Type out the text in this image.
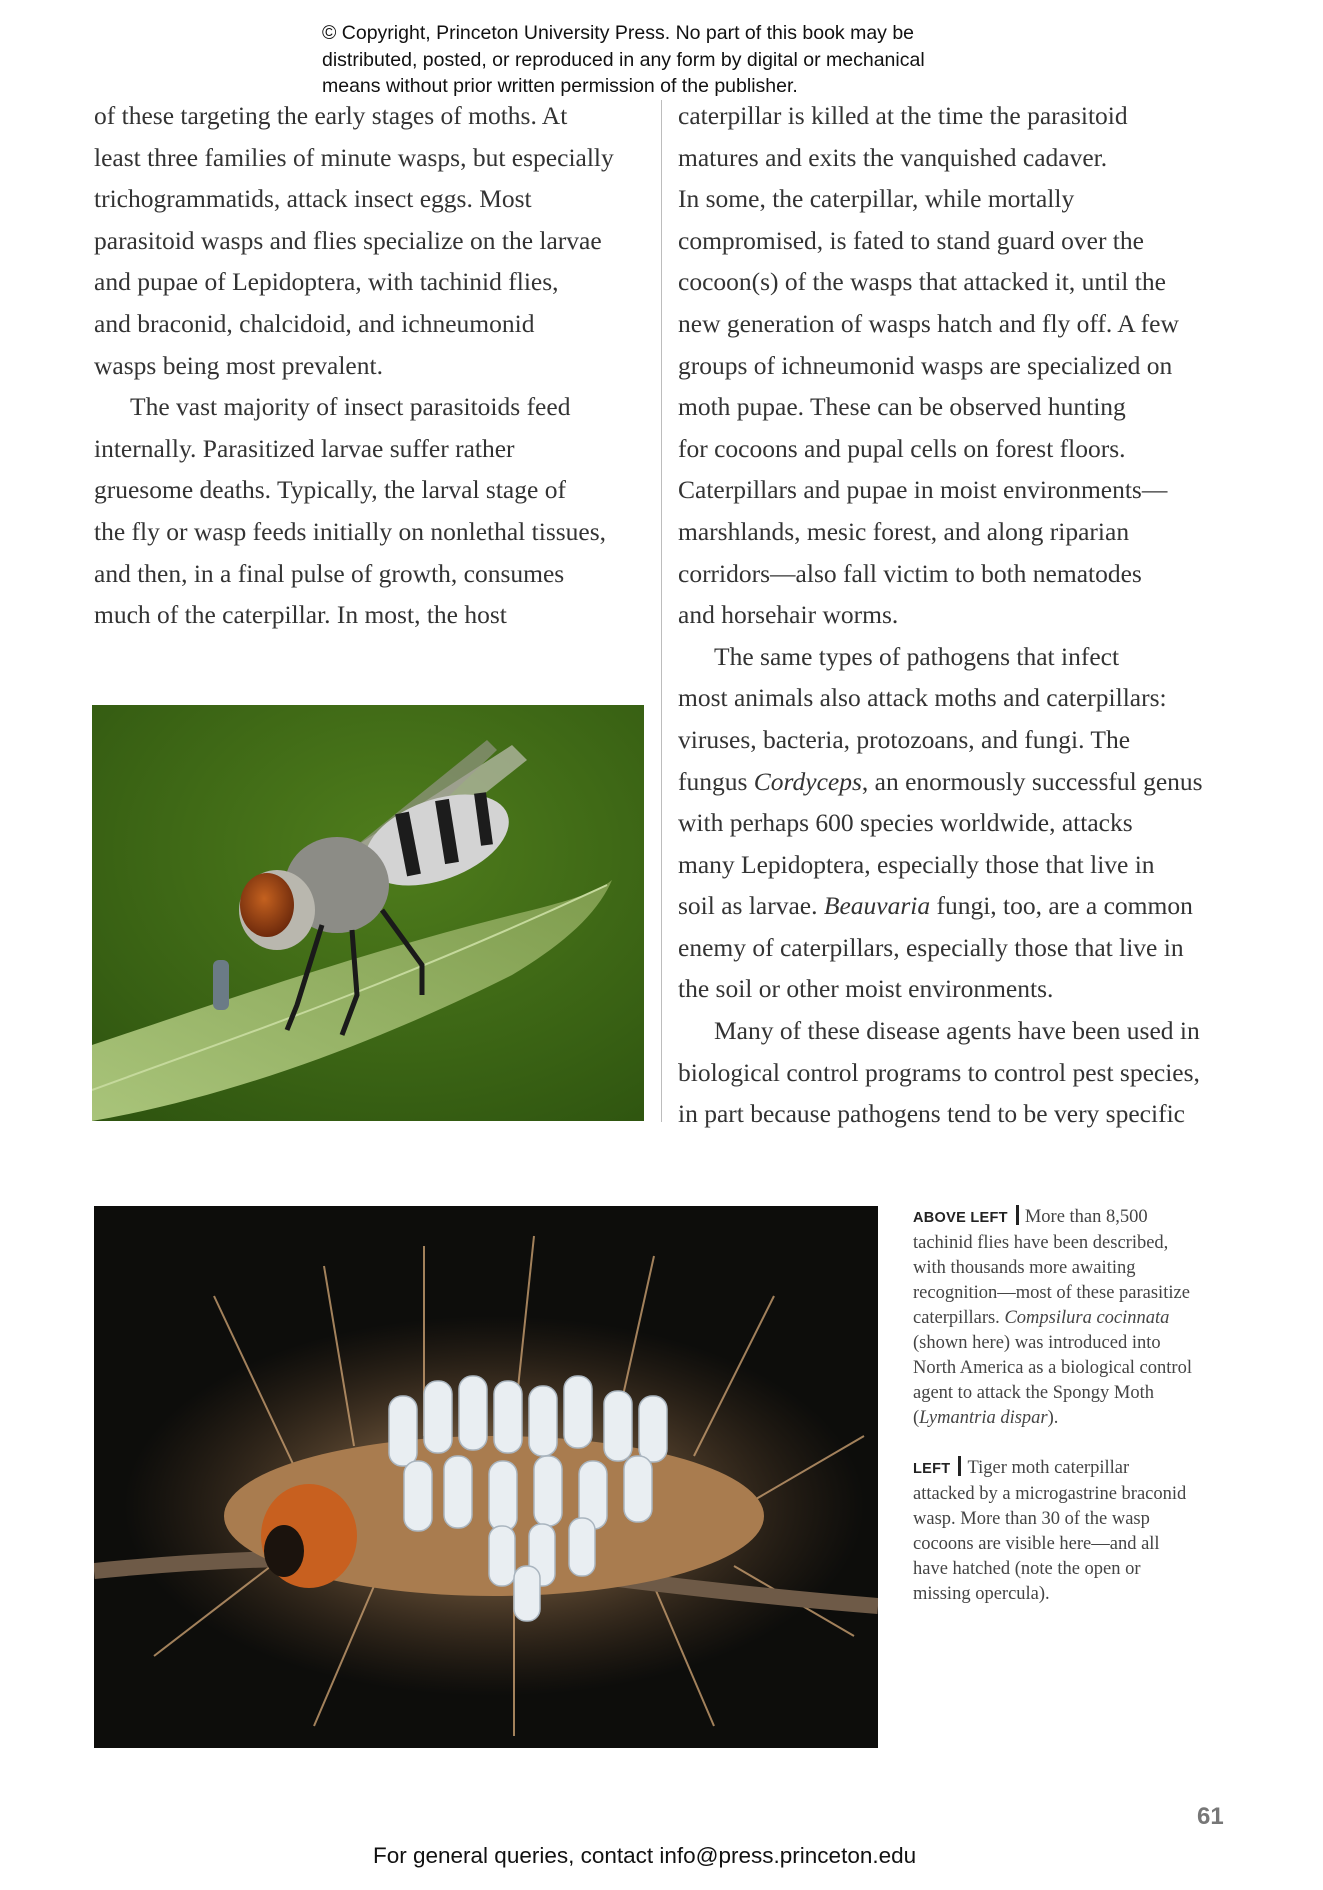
© Copyright, Princeton University Press. No part of this book may be
distributed, posted, or reproduced in any form by digital or mechanical
means without prior written permission of the publisher.

of these targeting the early stages of moths. At
least three families of minute wasps, but especially
trichogrammatids, attack insect eggs. Most
parasitoid wasps and flies specialize on the larvae
and pupae of Lepidoptera, with tachinid flies,
and braconid, chalcidoid, and ichneumonid
wasps being most prevalent.

The vast majority of insect parasitoids feed
internally. Parasitized larvae suffer rather
gruesome deaths. Typically, the larval stage of
the fly or wasp feeds initially on nonlethal tissues,
and then, in a final pulse of growth, consumes
much of the caterpillar. In most, the host

caterpillar is killed at the time the parasitoid
matures and exits the vanquished cadaver.
In some, the caterpillar, while mortally
compromised, is fated to stand guard over the
cocoon(s) of the wasps that attacked it, until the
new generation of wasps hatch and fly off. A few
groups of ichneumonid wasps are specialized on
moth pupae. These can be observed hunting
for cocoons and pupal cells on forest floors.
Caterpillars and pupae in moist environments—
marshlands, mesic forest, and along riparian
corridors—also fall victim to both nematodes
and horsehair worms.

The same types of pathogens that infect
most animals also attack moths and caterpillars:
viruses, bacteria, protozoans, and fungi. The
fungus Cordyceps, an enormously successful genus
with perhaps 600 species worldwide, attacks
many Lepidoptera, especially those that live in
soil as larvae. Beauvaria fungi, too, are a common
enemy of caterpillars, especially those that live in
the soil or other moist environments.

Many of these disease agents have been used in
biological control programs to control pest species,
in part because pathogens tend to be very specific

ABOVE LEFT More than 8,500
tachinid flies have been described,
with thousands more awaiting
recognition—most of these parasitize
caterpillars. Compsilura cocinnata
(shown here) was introduced into
North America as a biological control
agent to attack the Spongy Moth
(Lymantria dispar).

LEFT Tiger moth caterpillar
attacked by a microgastrine braconid
wasp. More than 30 of the wasp
cocoons are visible here—and all
have hatched (note the open or
missing opercula).

61
For general queries, contact info@press.princeton.edu
